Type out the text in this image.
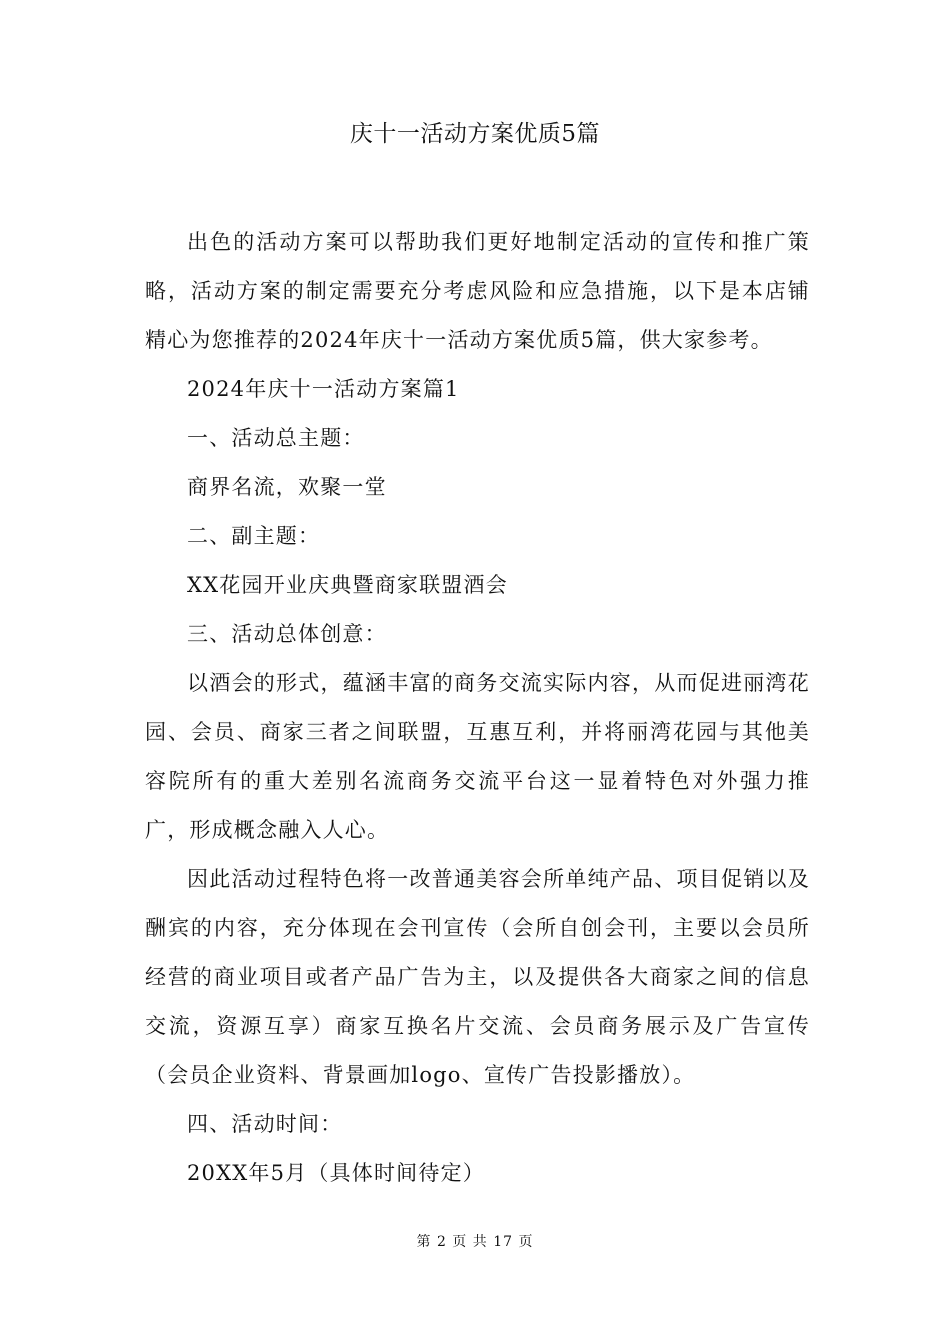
庆十一活动方案优质5篇

出色的活动方案可以帮助我们更好地制定活动的宣传和推广策略，活动方案的制定需要充分考虑风险和应急措施，以下是本店铺精心为您推荐的2024年庆十一活动方案优质5篇，供大家参考。

2024年庆十一活动方案篇1

一、活动总主题：

商界名流，欢聚一堂

二、副主题：

XX花园开业庆典暨商家联盟酒会

三、活动总体创意：

以酒会的形式，蕴涵丰富的商务交流实际内容，从而促进丽湾花园、会员、商家三者之间联盟，互惠互利，并将丽湾花园与其他美容院所有的重大差别名流商务交流平台这一显着特色对外强力推广，形成概念融入人心。

因此活动过程特色将一改普通美容会所单纯产品、项目促销以及酬宾的内容，充分体现在会刊宣传（会所自创会刊，主要以会员所经营的商业项目或者产品广告为主，以及提供各大商家之间的信息交流，资源互享）商家互换名片交流、会员商务展示及广告宣传（会员企业资料、背景画加logo、宣传广告投影播放）。

四、活动时间：

20XX年5月（具体时间待定）

第 2 页 共 17 页
